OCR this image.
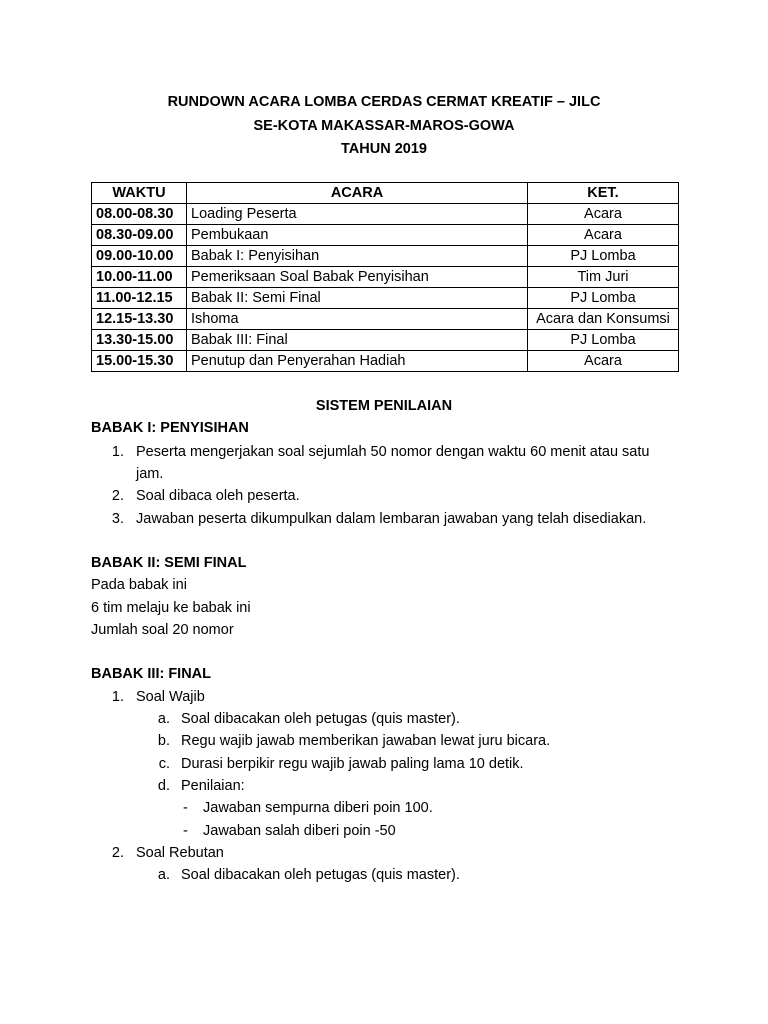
RUNDOWN ACARA LOMBA CERDAS CERMAT KREATIF – JILC
SE-KOTA MAKASSAR-MAROS-GOWA
TAHUN 2019
WAKTU	ACARA	KET.
08.00-08.30	Loading Peserta	Acara
08.30-09.00	Pembukaan	Acara
09.00-10.00	Babak I: Penyisihan	PJ Lomba
10.00-11.00	Pemeriksaan Soal Babak Penyisihan	Tim Juri
11.00-12.15	Babak II: Semi Final	PJ Lomba
12.15-13.30	Ishoma	Acara dan Konsumsi
13.30-15.00	Babak III: Final	PJ Lomba
15.00-15.30	Penutup dan Penyerahan Hadiah	Acara
SISTEM PENILAIAN
BABAK I: PENYISIHAN
1. Peserta mengerjakan soal sejumlah 50 nomor dengan waktu 60 menit atau satu
jam.
2. Soal dibaca oleh peserta.
3. Jawaban peserta dikumpulkan dalam lembaran jawaban yang telah disediakan.
BABAK II: SEMI FINAL
Pada babak ini
6 tim melaju ke babak ini
Jumlah soal 20 nomor
BABAK III: FINAL
1. Soal Wajib
a. Soal dibacakan oleh petugas (quis master).
b. Regu wajib jawab memberikan jawaban lewat juru bicara.
c. Durasi berpikir regu wajib jawab paling lama 10 detik.
d. Penilaian:
- Jawaban sempurna diberi poin 100.
- Jawaban salah diberi poin -50
2. Soal Rebutan
a. Soal dibacakan oleh petugas (quis master).
